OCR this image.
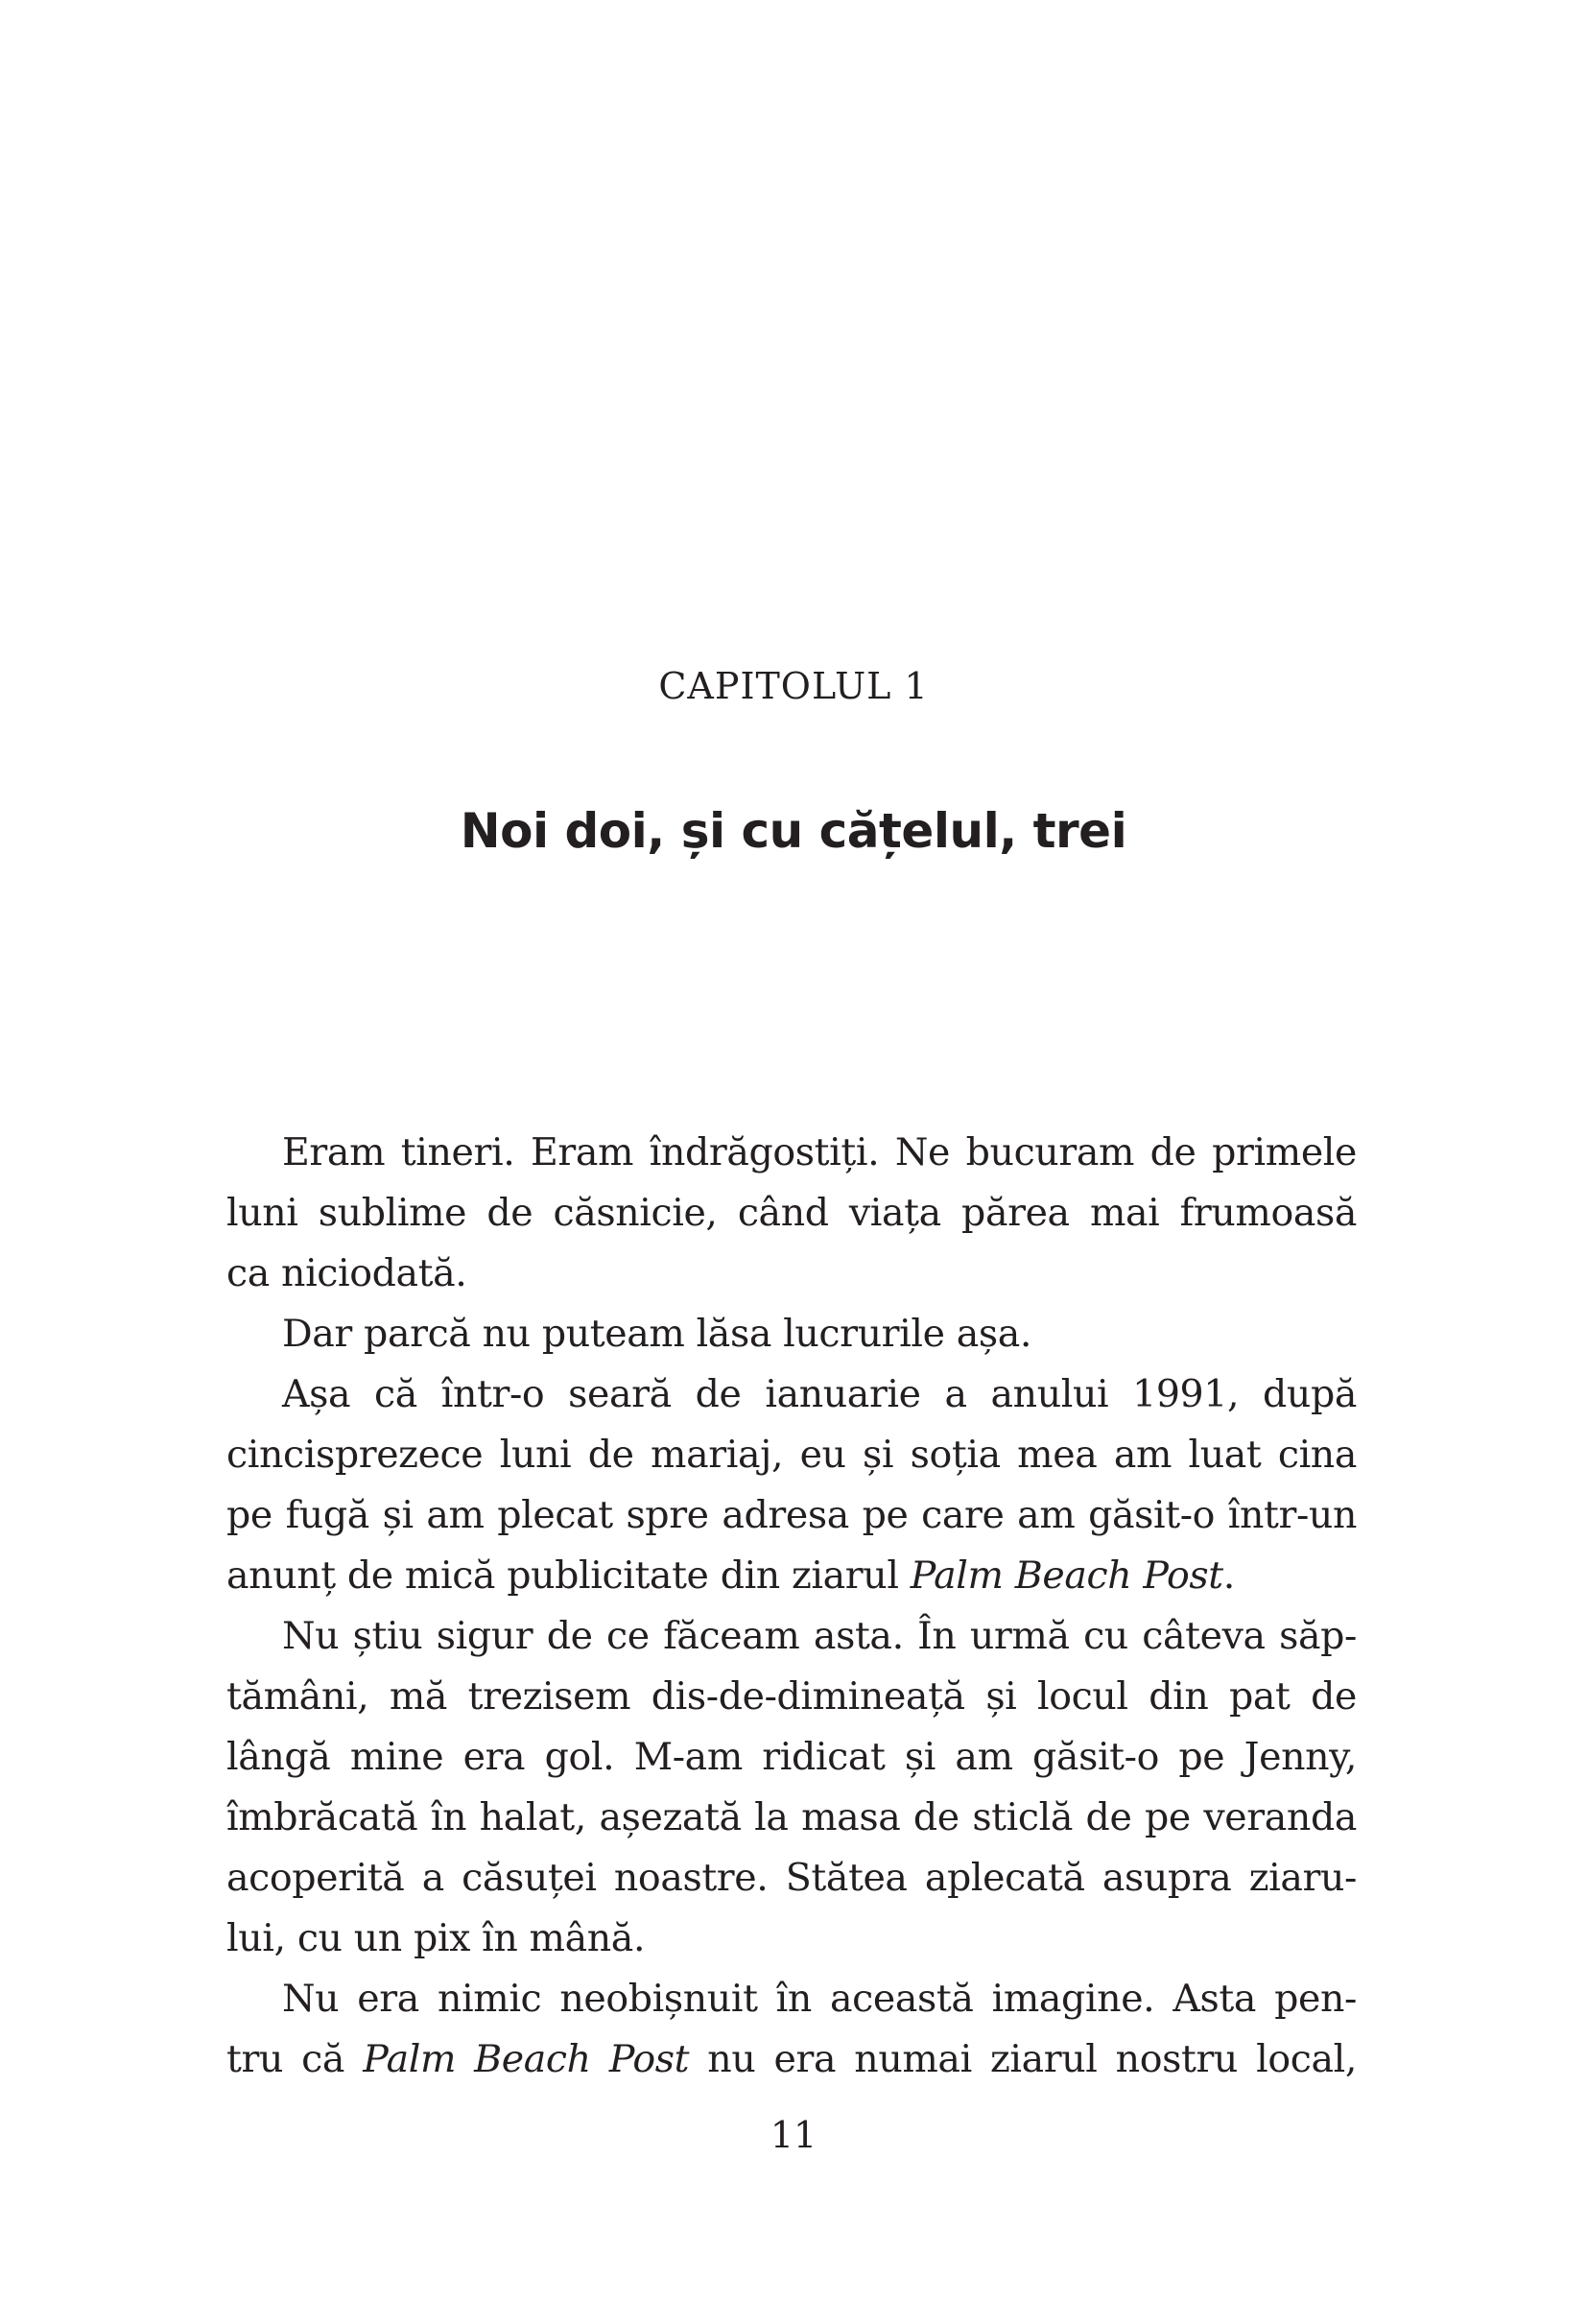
CAPITOLUL 1
Noi doi, și cu cățelul, trei
Eram tineri. Eram îndrăgostiți. Ne bucuram de primele
luni sublime de căsnicie, când viața părea mai frumoasă
ca niciodată.
Dar parcă nu puteam lăsa lucrurile așa.
Așa că într-o seară de ianuarie a anului 1991, după
cincisprezece luni de mariaj, eu și soția mea am luat cina
pe fugă și am plecat spre adresa pe care am găsit-o într-un
anunț de mică publicitate din ziarul Palm Beach Post.
Nu știu sigur de ce făceam asta. În urmă cu câteva săp-
tămâni, mă trezisem dis-de-dimineață și locul din pat de
lângă mine era gol. M-am ridicat și am găsit-o pe Jenny,
îmbrăcată în halat, așezată la masa de sticlă de pe veranda
acoperită a căsuței noastre. Stătea aplecată asupra ziaru-
lui, cu un pix în mână.
Nu era nimic neobișnuit în această imagine. Asta pen-
tru că Palm Beach Post nu era numai ziarul nostru local,
11
